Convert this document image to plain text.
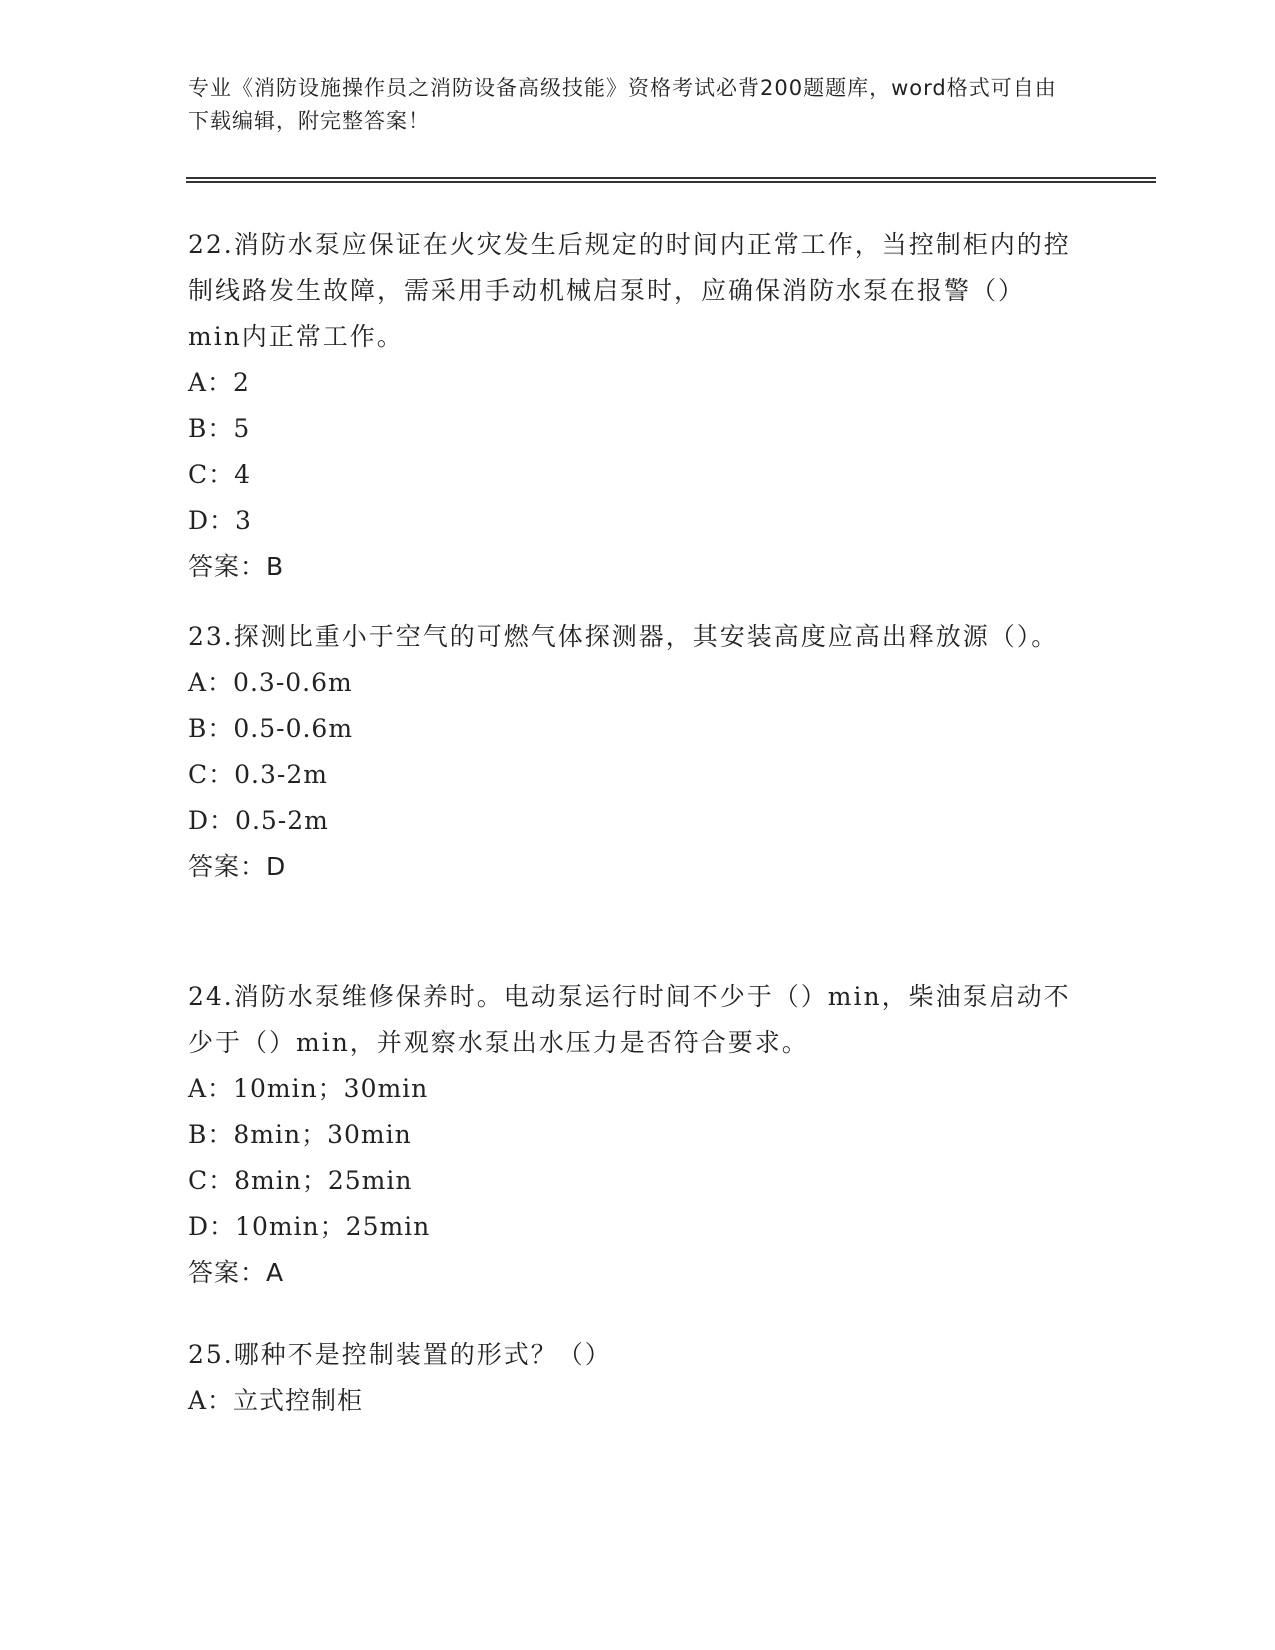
专业《消防设施操作员之消防设备高级技能》资格考试必背200题题库，word格式可自由下载编辑，附完整答案！

22.消防水泵应保证在火灾发生后规定的时间内正常工作，当控制柜内的控制线路发生故障，需采用手动机械启泵时，应确保消防水泵在报警（）min内正常工作。

A：2

B：5

C：4

D：3

答案：B

23.探测比重小于空气的可燃气体探测器，其安装高度应高出释放源（）。

A：0.3-0.6m

B：0.5-0.6m

C：0.3-2m

D：0.5-2m

答案：D

24.消防水泵维修保养时。电动泵运行时间不少于（）min，柴油泵启动不少于（）min，并观察水泵出水压力是否符合要求。

A：10min；30min

B：8min；30min

C：8min；25min

D：10min；25min

答案：A

25.哪种不是控制装置的形式？（）

A：立式控制柜
